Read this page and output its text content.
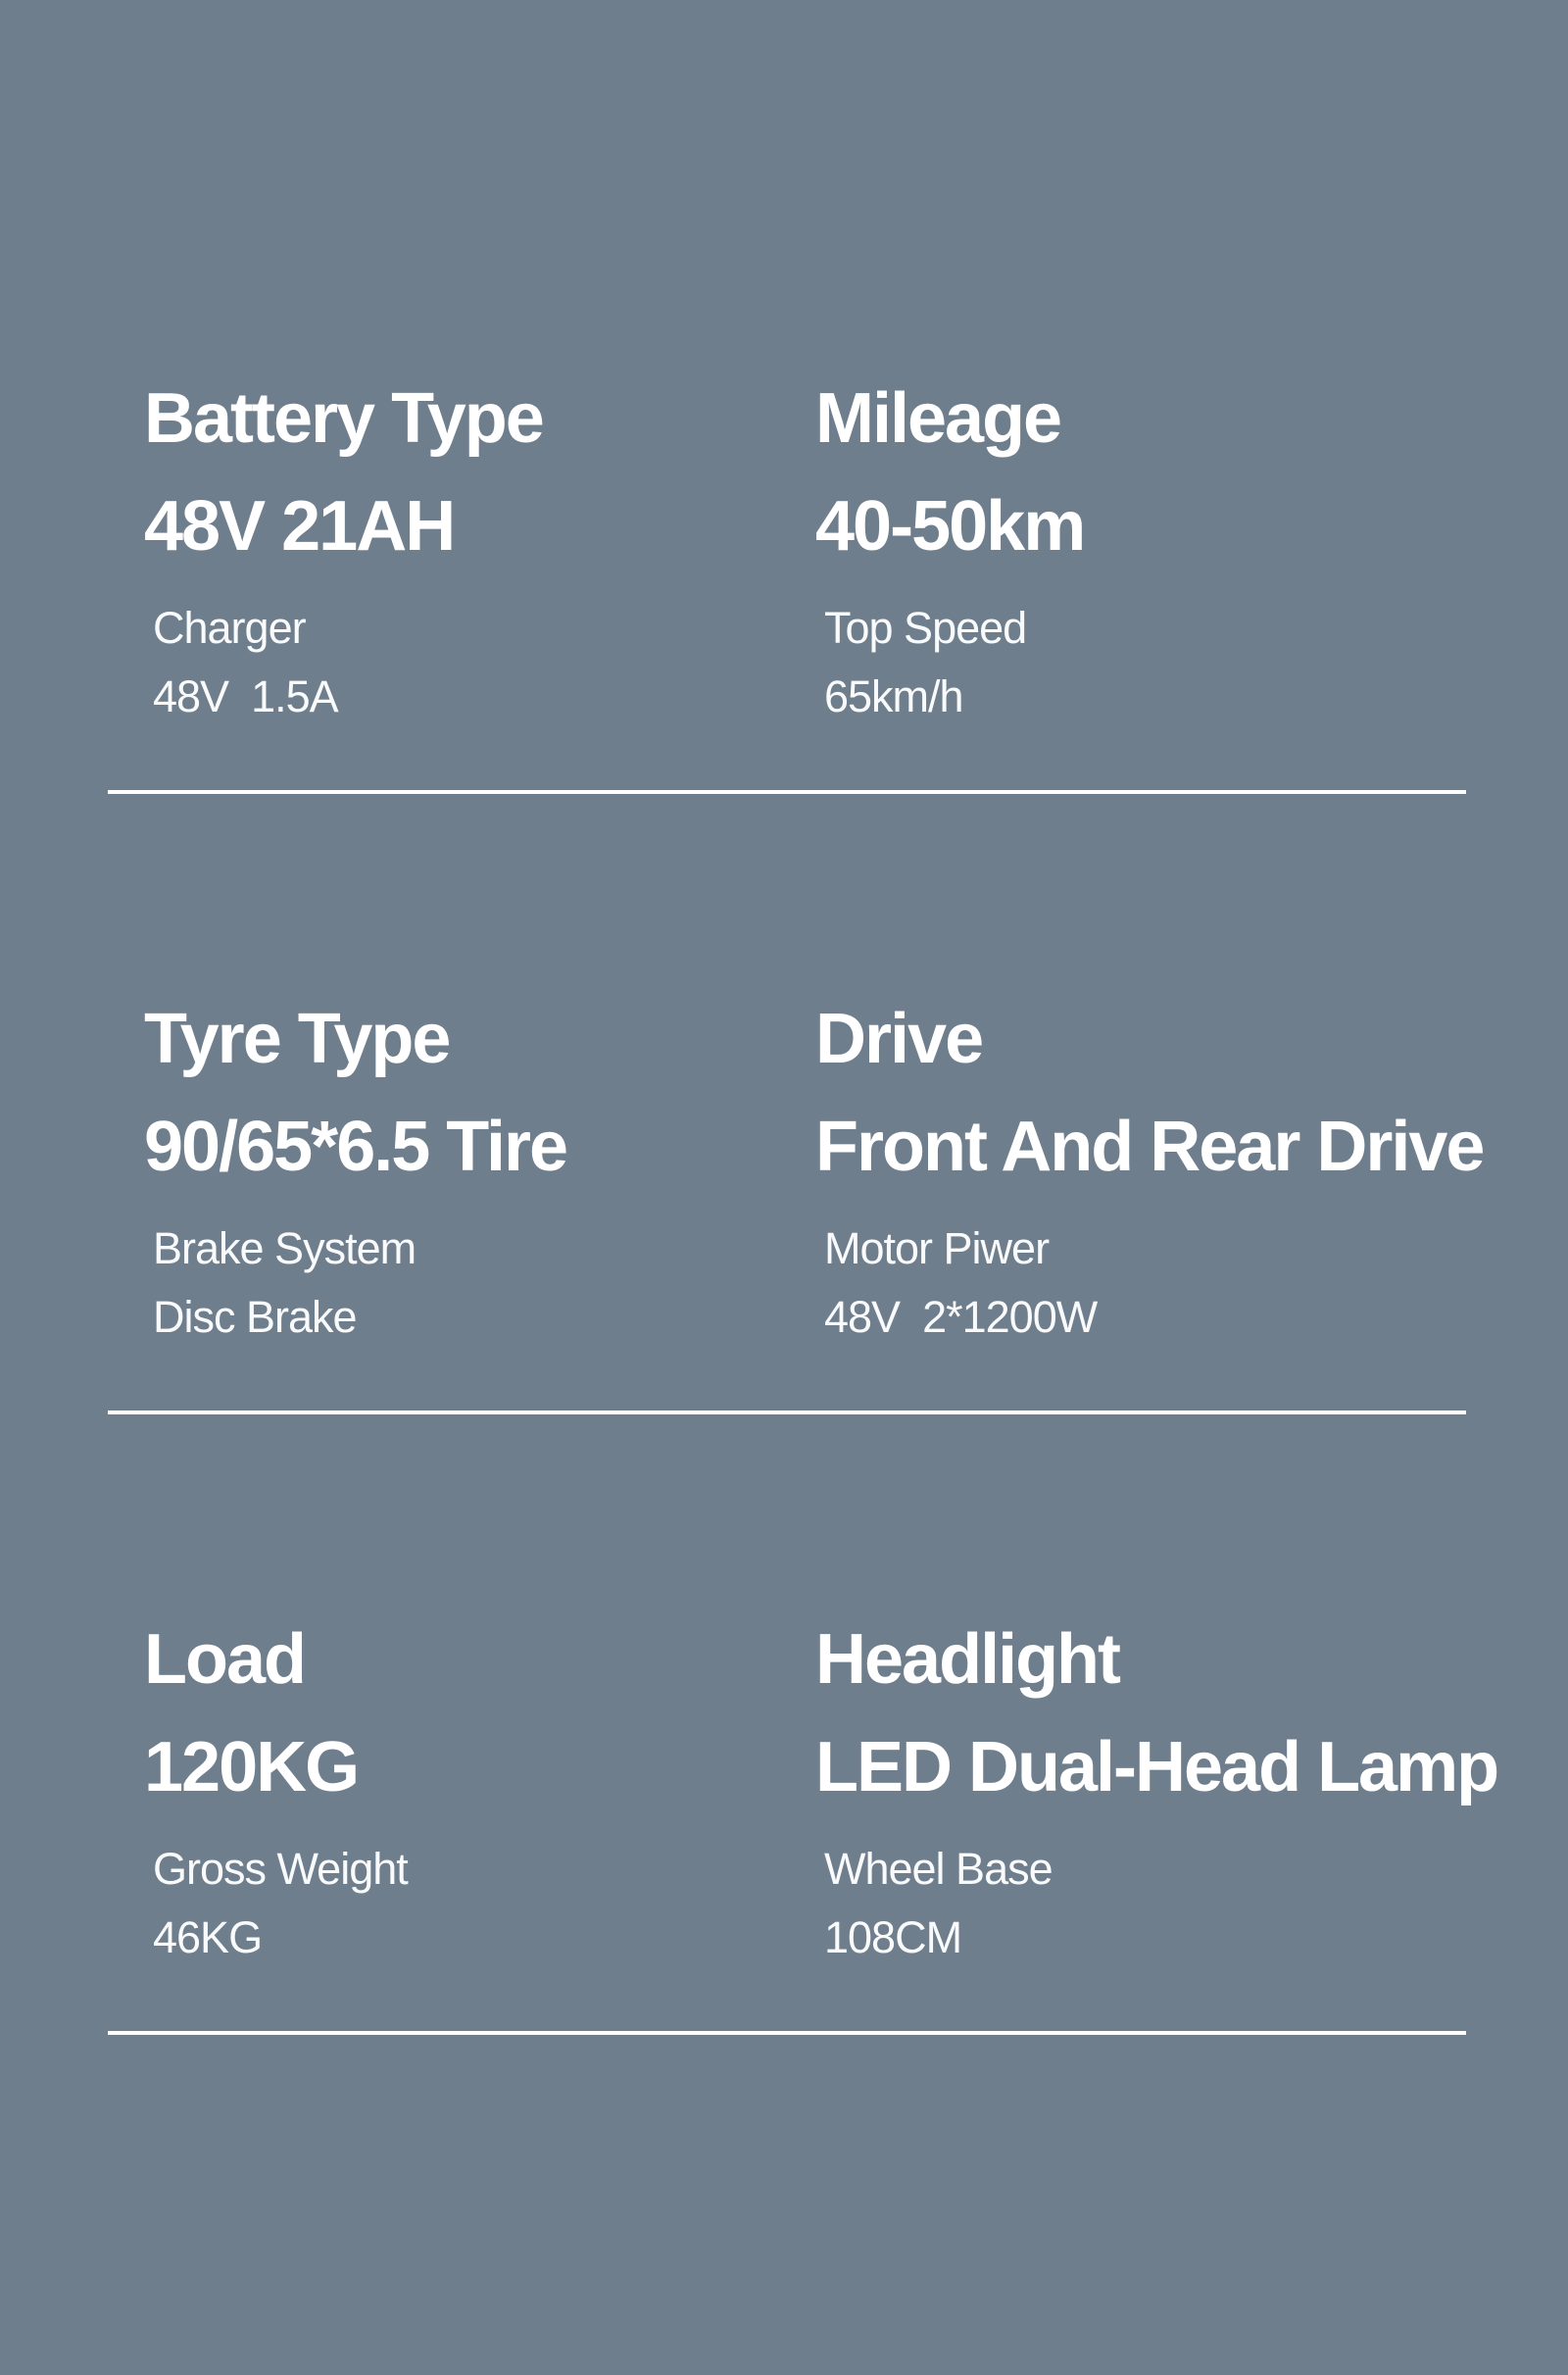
Battery Type
48V 21AH
Charger
48V  1.5A
Mileage
40-50km
Top Speed
65km/h
Tyre Type
90/65*6.5 Tire
Brake System
Disc Brake
Drive
Front And Rear Drive
Motor Piwer
48V  2*1200W
Load
120KG
Gross Weight
46KG
Headlight
LED Dual-Head Lamp
Wheel Base
108CM
